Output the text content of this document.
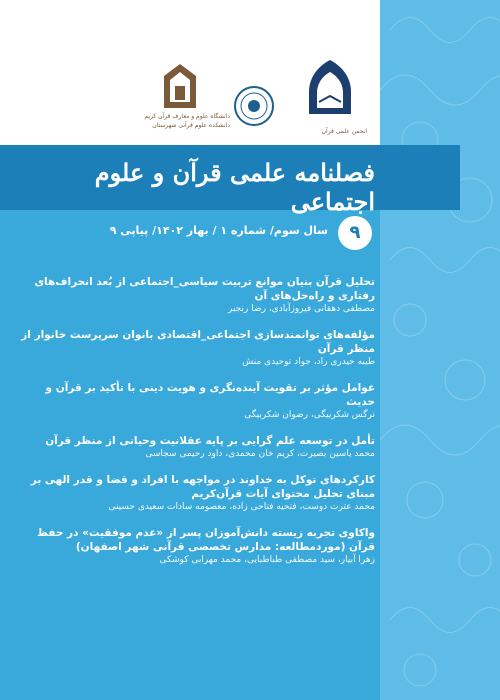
دانشگاه علوم و معارف قرآن کریم
دانشکده علوم قرآنی شهرستان
انجمن علمی قرآن
فصلنامه علمی قرآن و علوم اجتماعی
۹
سال سوم/ شماره ۱ / بهار ۱۴۰۲/ پیاپی ۹
تحلیل قرآن بنیان موانع تربیت سیاسی_اجتماعی از بُعد انحراف‌های رفتاری و راه‌حل‌های آن
مصطفی دهقانی فیروزآبادی، رضا رنجبر
مؤلفه‌های توانمندسازی اجتماعی_اقتصادی بانوان سرپرست خانوار از منظر قرآن
طیبه حیدری راد، جواد توحیدی منش
عوامل مؤثر بر تقویت آینده‌نگری و هویت دینی با تأکید بر قرآن و حدیث
نرگس شکربیگی، رضوان شکربیگی
تأمل در توسعه علم گرایی بر پایه عقلانیت وحیانی از منظر قرآن
محمد یاسین بصیرت، کریم خان محمدی، داود رحیمی سجاسی
کارکردهای توکل به خداوند در مواجهه با افراد و قضا و قدر الهی بر مبنای تحلیل محتوای آیات قرآن‌کریم
محمد عترت دوست، فتحیه فتاحی زاده، معصومه سادات سعیدی حسینی
واکاوی تجربه زیسته دانش‌آموزان پسر از «عدم موفقیت» در حفظ قرآن (موردمطالعه: مدارس تخصصی قرآنی شهر اصفهان)
زهرا آبیار، سید مصطفی طباطبایی، محمد مهرابی کوشکی
